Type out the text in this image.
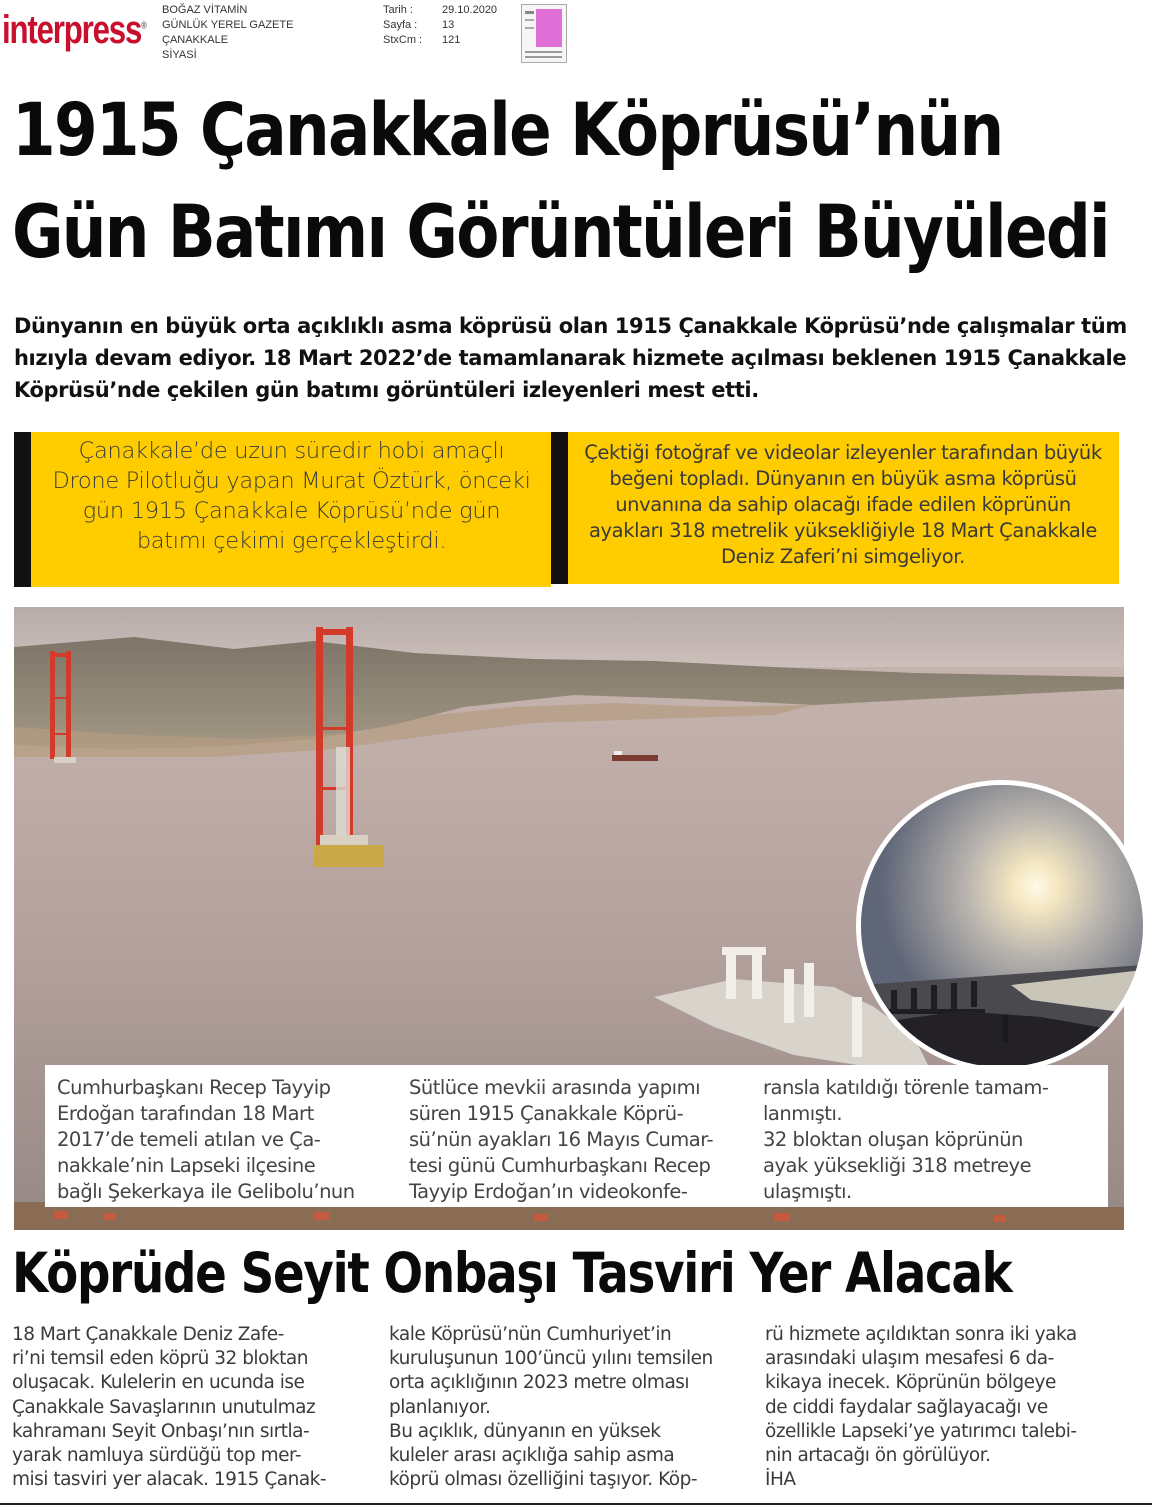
interpress®
BOĞAZ VİTAMİN
GÜNLÜK YEREL GAZETE
ÇANAKKALE
SİYASİ
Tarih :
Sayfa :
StxCm :
29.10.2020
13
121
1915 Çanakkale Köprüsü’nün
Gün Batımı Görüntüleri Büyüledi
Dünyanın en büyük orta açıklıklı asma köprüsü olan 1915 Çanakkale Köprüsü’nde çalışmalar tüm hızıyla devam ediyor. 18 Mart 2022’de tamamlanarak hizmete açılması beklenen 1915 Çanakkale Köprüsü’nde çekilen gün batımı görüntüleri izleyenleri mest etti.

Çanakkale’de uzun süredir hobi amaçlı Drone Pilotluğu yapan Murat Öztürk, önceki gün 1915 Çanakkale Köprüsü’nde gün batımı çekimi gerçekleştirdi.

Çektiği fotoğraf ve videolar izleyenler tarafından büyük beğeni topladı. Dünyanın en büyük asma köprüsü unvanına da sahip olacağı ifade edilen köprünün ayakları 318 metrelik yüksekliğiyle 18 Mart Çanakkale Deniz Zaferi’ni simgeliyor.

Cumhurbaşkanı Recep Tayyip
Erdoğan tarafından 18 Mart
2017’de temeli atılan ve Ça-
nakkale’nin Lapseki ilçesine
bağlı Şekerkaya ile Gelibolu’nun
Sütlüce mevkii arasında yapımı
süren 1915 Çanakkale Köprü-
sü’nün ayakları 16 Mayıs Cumar-
tesi günü Cumhurbaşkanı Recep
Tayyip Erdoğan’ın videokonfe-
ransla katıldığı törenle tamam-
lanmıştı.
32 bloktan oluşan köprünün
ayak yüksekliği 318 metreye
ulaşmıştı.
Köprüde Seyit Onbaşı Tasviri Yer Alacak
18 Mart Çanakkale Deniz Zafe-
ri’ni temsil eden köprü 32 bloktan
oluşacak. Kulelerin en ucunda ise
Çanakkale Savaşlarının unutulmaz
kahramanı Seyit Onbaşı’nın sırtla-
yarak namluya sürdüğü top mer-
misi tasviri yer alacak. 1915 Çanak-
kale Köprüsü’nün Cumhuriyet’in
kuruluşunun 100’üncü yılını temsilen
orta açıklığının 2023 metre olması
planlanıyor.
Bu açıklık, dünyanın en yüksek
kuleler arası açıklığa sahip asma
köprü olması özelliğini taşıyor. Köp-
rü hizmete açıldıktan sonra iki yaka
arasındaki ulaşım mesafesi 6 da-
kikaya inecek. Köprünün bölgeye
de ciddi faydalar sağlayacağı ve
özellikle Lapseki’ye yatırımcı talebi-
nin artacağı ön görülüyor.
İHA
